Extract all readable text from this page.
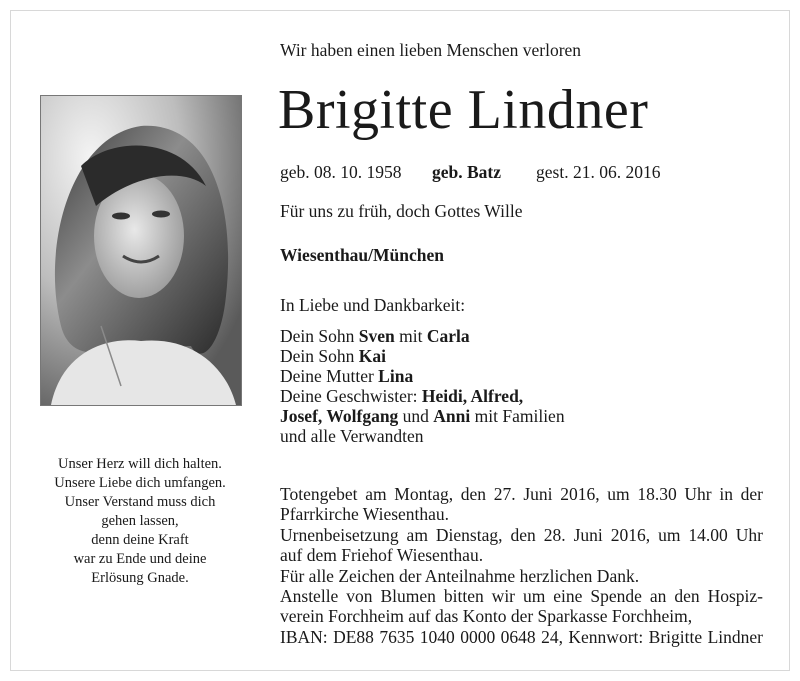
Wir haben einen lieben Menschen verloren
Brigitte Lindner
geb. 08. 10. 1958 geb. Batz gest. 21. 06. 2016
Für uns zu früh, doch Gottes Wille
Wiesenthau/München
In Liebe und Dankbarkeit:
Dein Sohn Sven mit Carla
Dein Sohn Kai
Deine Mutter Lina
Deine Geschwister: Heidi, Alfred,
Josef, Wolfgang und Anni mit Familien
und alle Verwandten
Totengebet am Montag, den 27. Juni 2016, um 18.30 Uhr in der
Pfarrkirche Wiesenthau.
Urnenbeisetzung am Dienstag, den 28. Juni 2016, um 14.00 Uhr
auf dem Friehof Wiesenthau.
Für alle Zeichen der Anteilnahme herzlichen Dank.
Anstelle von Blumen bitten wir um eine Spende an den Hospiz-
verein Forchheim auf das Konto der Sparkasse Forchheim,
IBAN: DE88 7635 1040 0000 0648 24, Kennwort: Brigitte Lindner
Unser Herz will dich halten.
Unsere Liebe dich umfangen.
Unser Verstand muss dich
gehen lassen,
denn deine Kraft
war zu Ende und deine
Erlösung Gnade.
